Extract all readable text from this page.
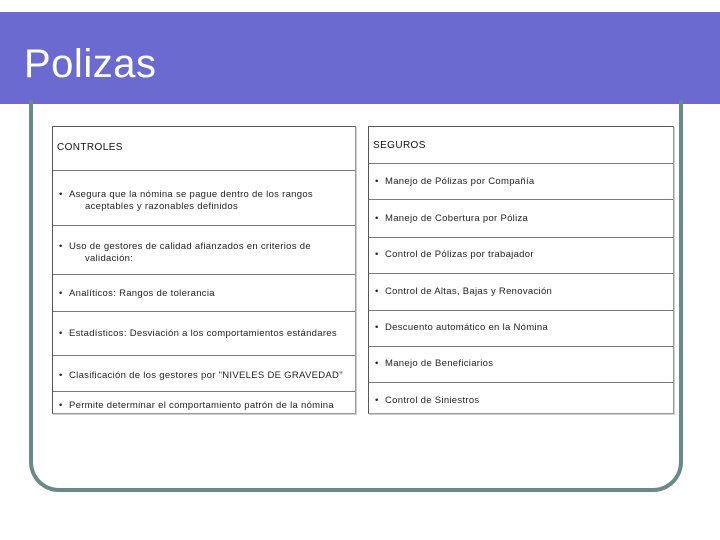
Polizas
CONTROLES
• Asegura que la nómina se pague dentro de los rangos
aceptables y razonables definidos
• Uso de gestores de calidad afianzados en criterios de
validación:
• Analíticos: Rangos de tolerancia
• Estadísticos: Desviación a los comportamientos estándares
• Clasificación de los gestores por "NIVELES DE GRAVEDAD"
• Permite determinar el comportamiento patrón de la nómina
SEGUROS
• Manejo de Pólizas por Compañía
• Manejo de Cobertura por Póliza
• Control de Pólizas por trabajador
• Control de Altas, Bajas y Renovación
• Descuento automático en la Nómina
• Manejo de Beneficiarios
• Control de Siniestros
